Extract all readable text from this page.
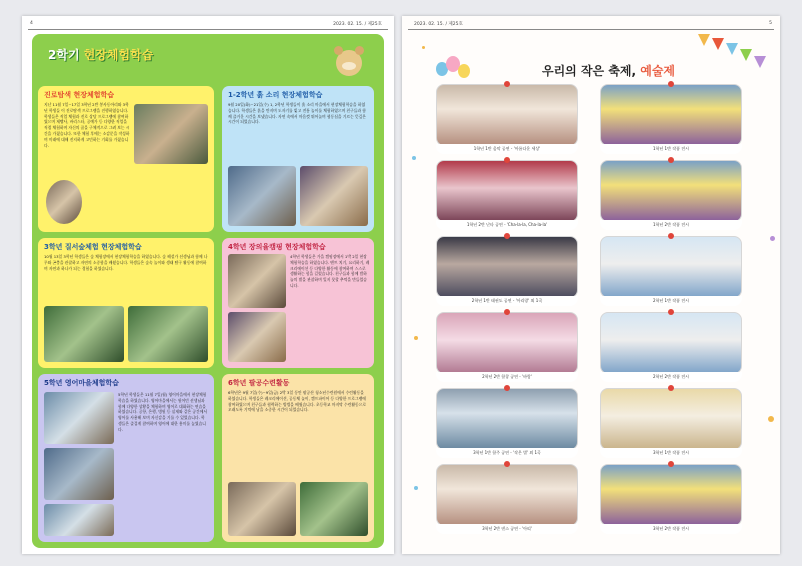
4	2023. 02. 15. / 제25호
2학기 현장체험학습
진로탐색 현장체험학습
지난 11월 7일~17일 3학년 2반 봉사동아리와 3학년 학생들 이 진로탐색 프로그램을 진행하였습니다. 학생들은 직업 체험과 진로 상담 프로그램에 참여하였으며 제빵사, 바리스타, 공예가 등 다양한 직업을 직접 체험하며 자신의 꿈을 구체적으로 그려 보는 시간을 가졌습니다. 또한 체험 후에는 소감문을 작성하며 미래에 대해 진지하게 고민하는 기회를 가졌습니다.
1-2학년 흙 소리 현장체험학습
9월 20일(화)~21일(수) 1, 2학년 학생들이 흙 소리 마을에서 현장체험학습을 하였습니다. 학생들은 흙을 만지며 도자기를 빚고 전통 놀이를 체험하였으며 친구들과 함께 즐거운 시간을 보냈습니다. 자연 속에서 마음껏 뛰어놀며 협동심을 기르는 뜻깊은 시간이 되었습니다.
3학년 질서숲체험 현장체험학습
10월 13일 3학년 학생들은 숲 체험장에서 현장체험학습을 하였습니다. 숲 해설가 선생님과 함께 나무와 곤충을 관찰하고 자연의 소중함을 배웠습니다. 학생들은 숲속 놀이와 생태 탐구 활동에 참여하며 자연과 하나가 되는 경험을 하였습니다.
4학년 장의율캠핑 현장체험학습
4학년 학생들은 가을 캠핑장에서 1박 2일 현장체험학습을 하였습니다. 텐트 치기, 요리하기, 레크리에이션 등 다양한 활동에 참여하며 스스로 생활하는 힘을 길렀습니다. 친구들과 함께 밤하늘의 별을 관찰하며 잊지 못할 추억을 만들었습니다.
5학년 영어마을체험학습
5학년 학생들은 11월 7일(월) 영어마을에서 현장체험학습을 하였습니다. 영어마을에서는 원어민 선생님과 함께 다양한 상황을 체험하며 영어로 대화하는 연습을 하였습니다. 공항, 은행, 병원 등 실제와 같은 공간에서 영어를 사용해 보며 자신감을 기를 수 있었습니다. 학생들은 즐겁게 참여하며 영어에 대한 흥미를 높였습니다.
6학년 팔공수련활동
6학년은 9월 7일(수)~9일(금) 2박 3일 동안 팔공산 청소년수련원에서 수련활동을 하였습니다. 학생들은 레크리에이션, 공동체 놀이, 캠프파이어 등 다양한 프로그램에 참여하였으며 친구들과 협력하는 방법을 배웠습니다. 초등학교 마지막 수련활동으로 오래도록 기억에 남을 소중한 시간이 되었습니다.
2023. 02. 15. / 제25호	5
우리의 작은 축제, 예술제
1학년 1반 음악 공연 - '아름다운 세상'
1학년 2반 난타 공연 - 'Cha-la-la, Cha-la-la'
2학년 1반 태권도 공연 - '아리랑' 외 1곡
2학년 2반 합창 공연 - '바람'
3학년 1반 합주 공연 - '작은 별' 외 1곡
3학년 2반 댄스 공연 - '아띠'
1학년 1반 작품 전시
1학년 2반 작품 전시
2학년 1반 작품 전시
2학년 2반 작품 전시
3학년 1반 작품 전시
3학년 2반 작품 전시
